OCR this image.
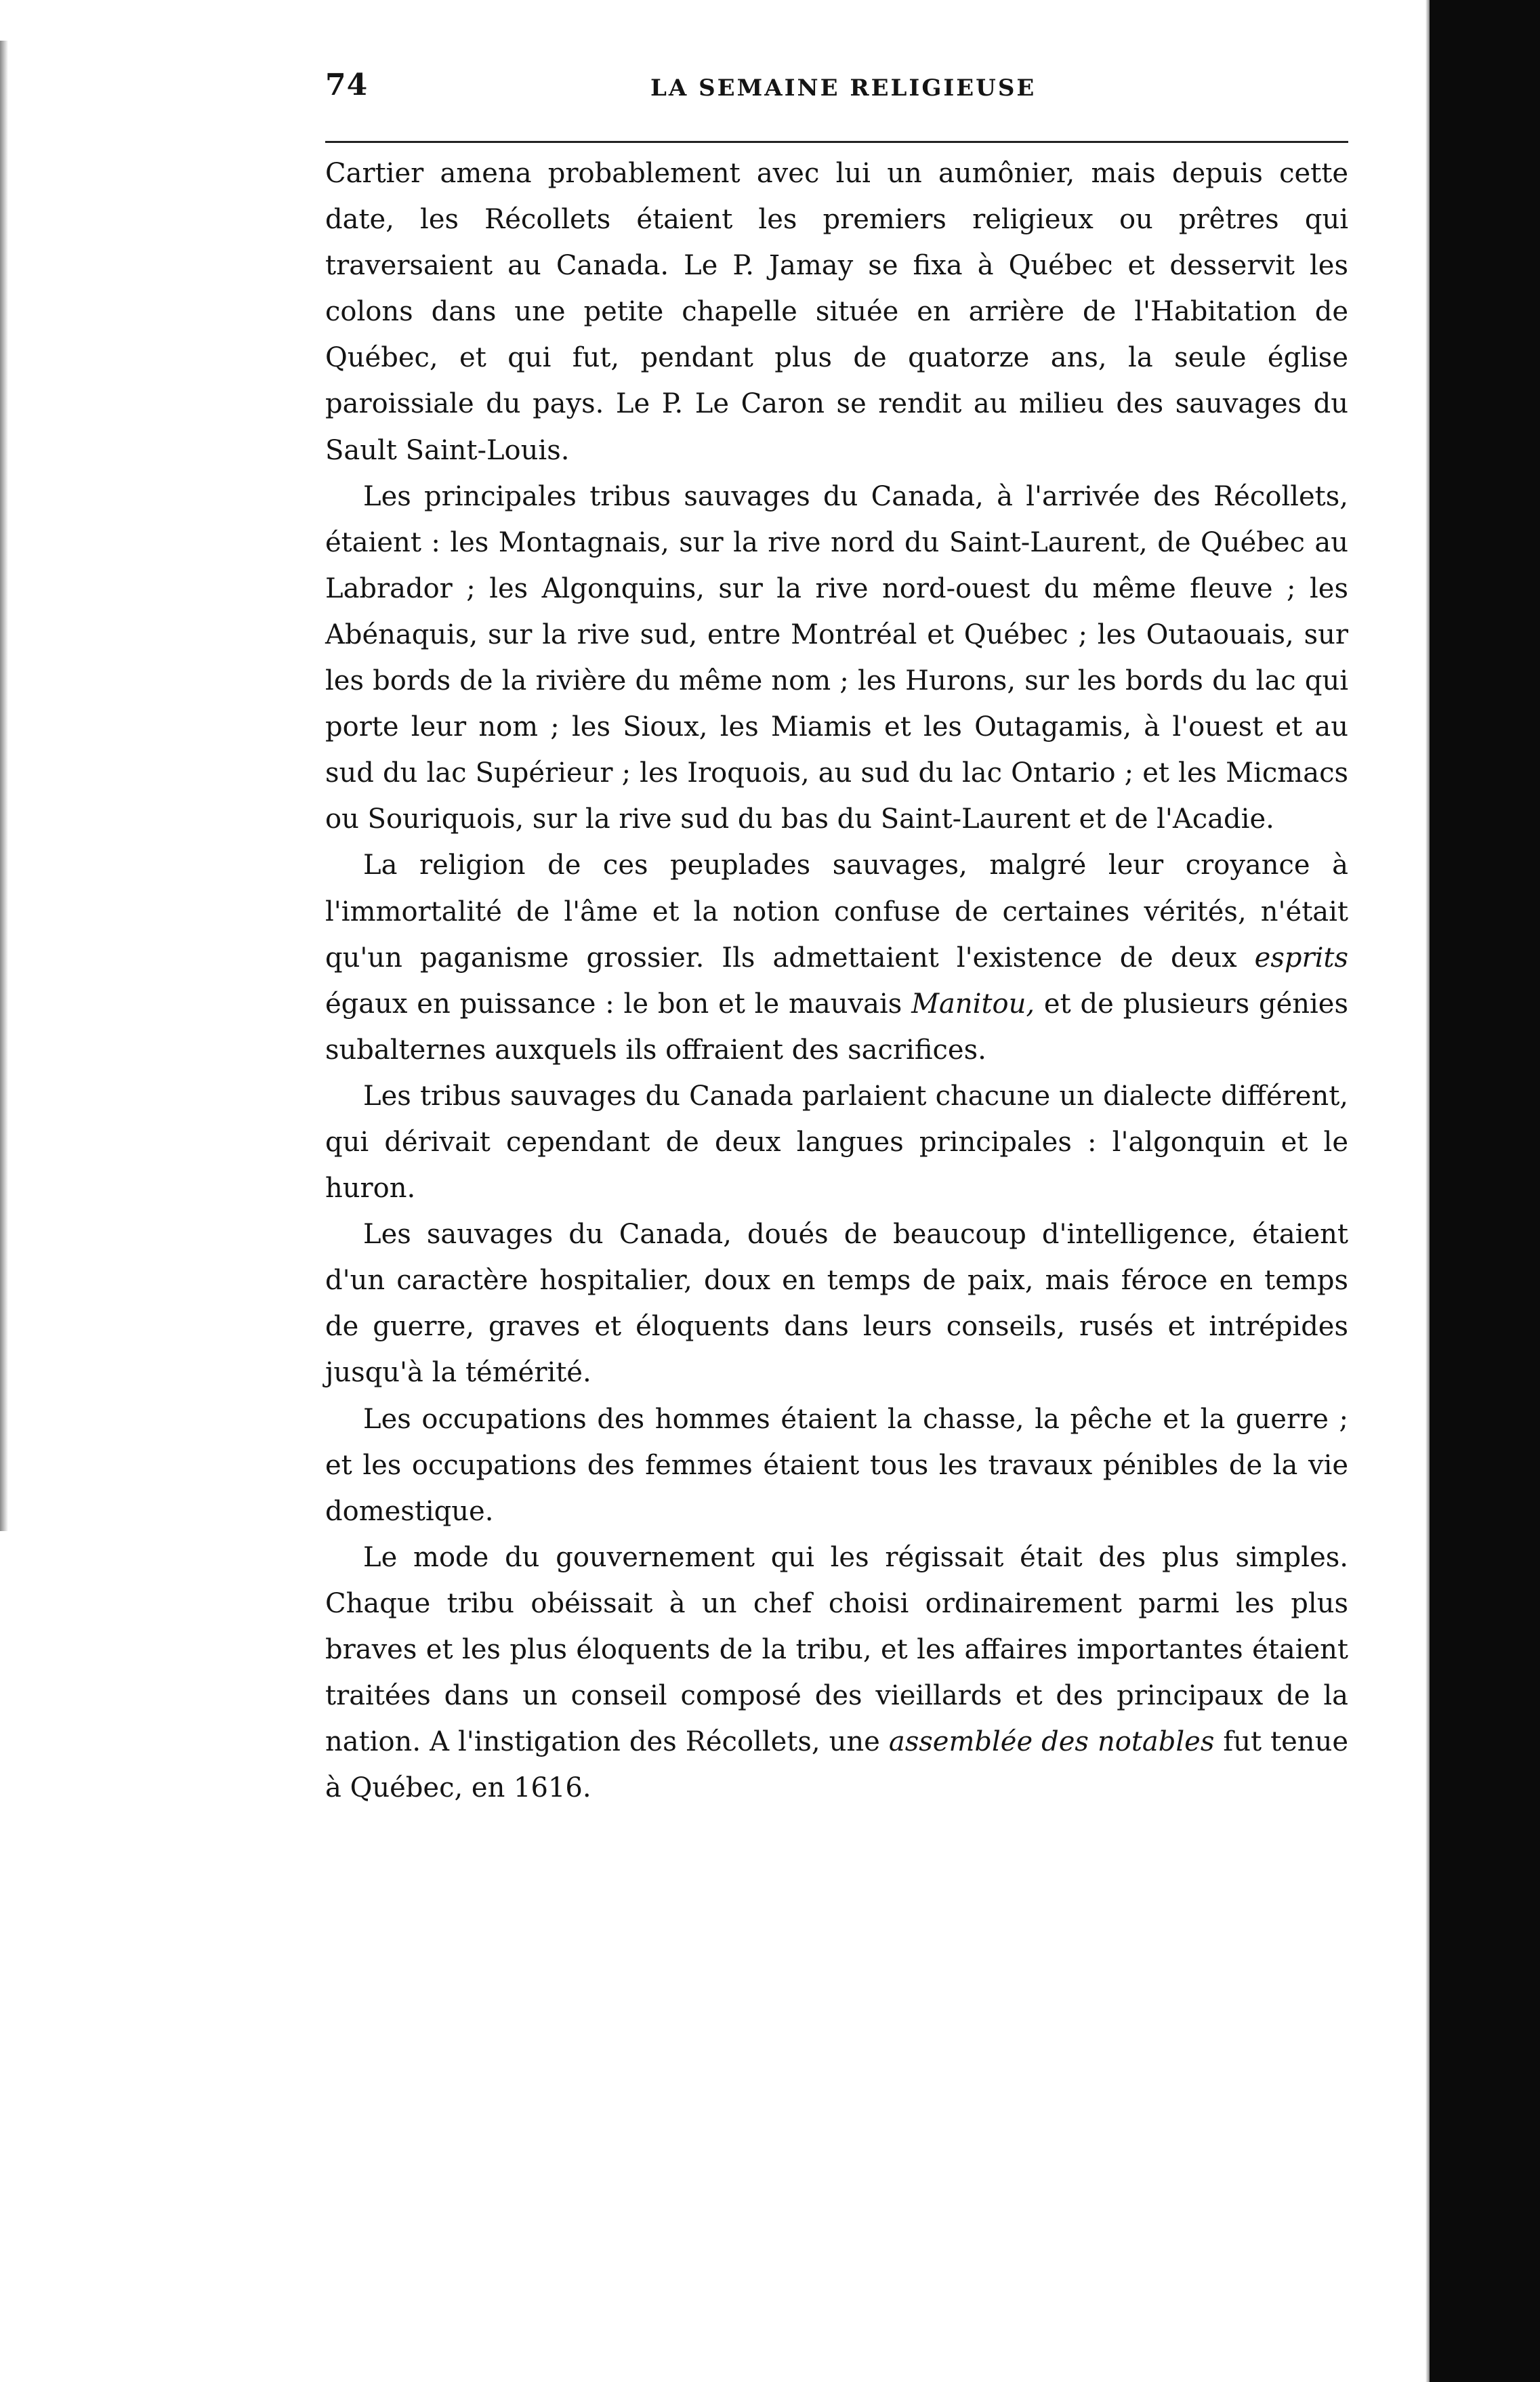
74	LA SEMAINE RELIGIEUSE

Cartier amena probablement avec lui un aumônier, mais depuis cette date, les Récollets étaient les premiers religieux ou prêtres qui traversaient au Canada. Le P. Jamay se fixa à Québec et desservit les colons dans une petite chapelle située en arrière de l'Habitation de Québec, et qui fut, pendant plus de quatorze ans, la seule église paroissiale du pays. Le P. Le Caron se rendit au milieu des sauvages du Sault Saint-Louis.

Les principales tribus sauvages du Canada, à l'arrivée des Récollets, étaient : les Montagnais, sur la rive nord du Saint-Laurent, de Québec au Labrador ; les Algonquins, sur la rive nord-ouest du même fleuve ; les Abénaquis, sur la rive sud, entre Montréal et Québec ; les Outaouais, sur les bords de la rivière du même nom ; les Hurons, sur les bords du lac qui porte leur nom ; les Sioux, les Miamis et les Outagamis, à l'ouest et au sud du lac Supérieur ; les Iroquois, au sud du lac Ontario ; et les Micmacs ou Souriquois, sur la rive sud du bas du Saint-Laurent et de l'Acadie.

La religion de ces peuplades sauvages, malgré leur croyance à l'immortalité de l'âme et la notion confuse de certaines vérités, n'était qu'un paganisme grossier. Ils admettaient l'existence de deux esprits égaux en puissance : le bon et le mauvais Manitou, et de plusieurs génies subalternes auxquels ils offraient des sacrifices.

Les tribus sauvages du Canada parlaient chacune un dialecte différent, qui dérivait cependant de deux langues principales : l'algonquin et le huron.

Les sauvages du Canada, doués de beaucoup d'intelligence, étaient d'un caractère hospitalier, doux en temps de paix, mais féroce en temps de guerre, graves et éloquents dans leurs conseils, rusés et intrépides jusqu'à la témérité.

Les occupations des hommes étaient la chasse, la pêche et la guerre ; et les occupations des femmes étaient tous les travaux pénibles de la vie domestique.

Le mode du gouvernement qui les régissait était des plus simples. Chaque tribu obéissait à un chef choisi ordinairement parmi les plus braves et les plus éloquents de la tribu, et les affaires importantes étaient traitées dans un conseil composé des vieillards et des principaux de la nation. A l'instigation des Récollets, une assemblée des notables fut tenue à Québec, en 1616.
